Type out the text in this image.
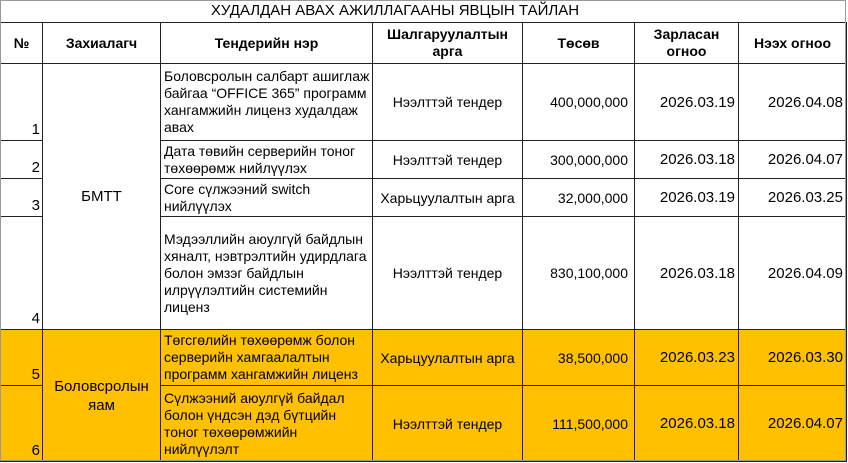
ХУДАЛДАН АВАХ АЖИЛЛАГААНЫ ЯВЦЫН ТАЙЛАН
№	Захиалагч	Тендерийн нэр	Шалгаруулалтын арга	Төсөв	Зарласан огноо	Нээх огноо
1	БМТТ	Боловсролын салбарт ашиглаж байгаа “OFFICE 365” программ хангамжийн лиценз худалдаж авах	Нээлттэй тендер	400,000,000	2026.03.19	2026.04.08
2		Дата төвийн серверийн тоног төхөөрөмж нийлүүлэх	Нээлттэй тендер	300,000,000	2026.03.18	2026.04.07
3		Core сүлжээний switch нийлүүлэх	Харьцуулалтын арга	32,000,000	2026.03.19	2026.03.25
4		Мэдээллийн аюулгүй байдлын хяналт, нэвтрэлтийн удирдлага болон эмзэг байдлын илрүүлэлтийн системийн лиценз	Нээлттэй тендер	830,100,000	2026.03.18	2026.04.09
5	Боловсролын яам	Төгсгөлийн төхөөрөмж болон серверийн хамгаалалтын программ хангамжийн лиценз	Харьцуулалтын арга	38,500,000	2026.03.23	2026.03.30
6		Сүлжээний аюулгүй байдал болон үндсэн дэд бүтцийн тоног төхөөрөмжийн нийлүүлэлт	Нээлттэй тендер	111,500,000	2026.03.18	2026.04.07
